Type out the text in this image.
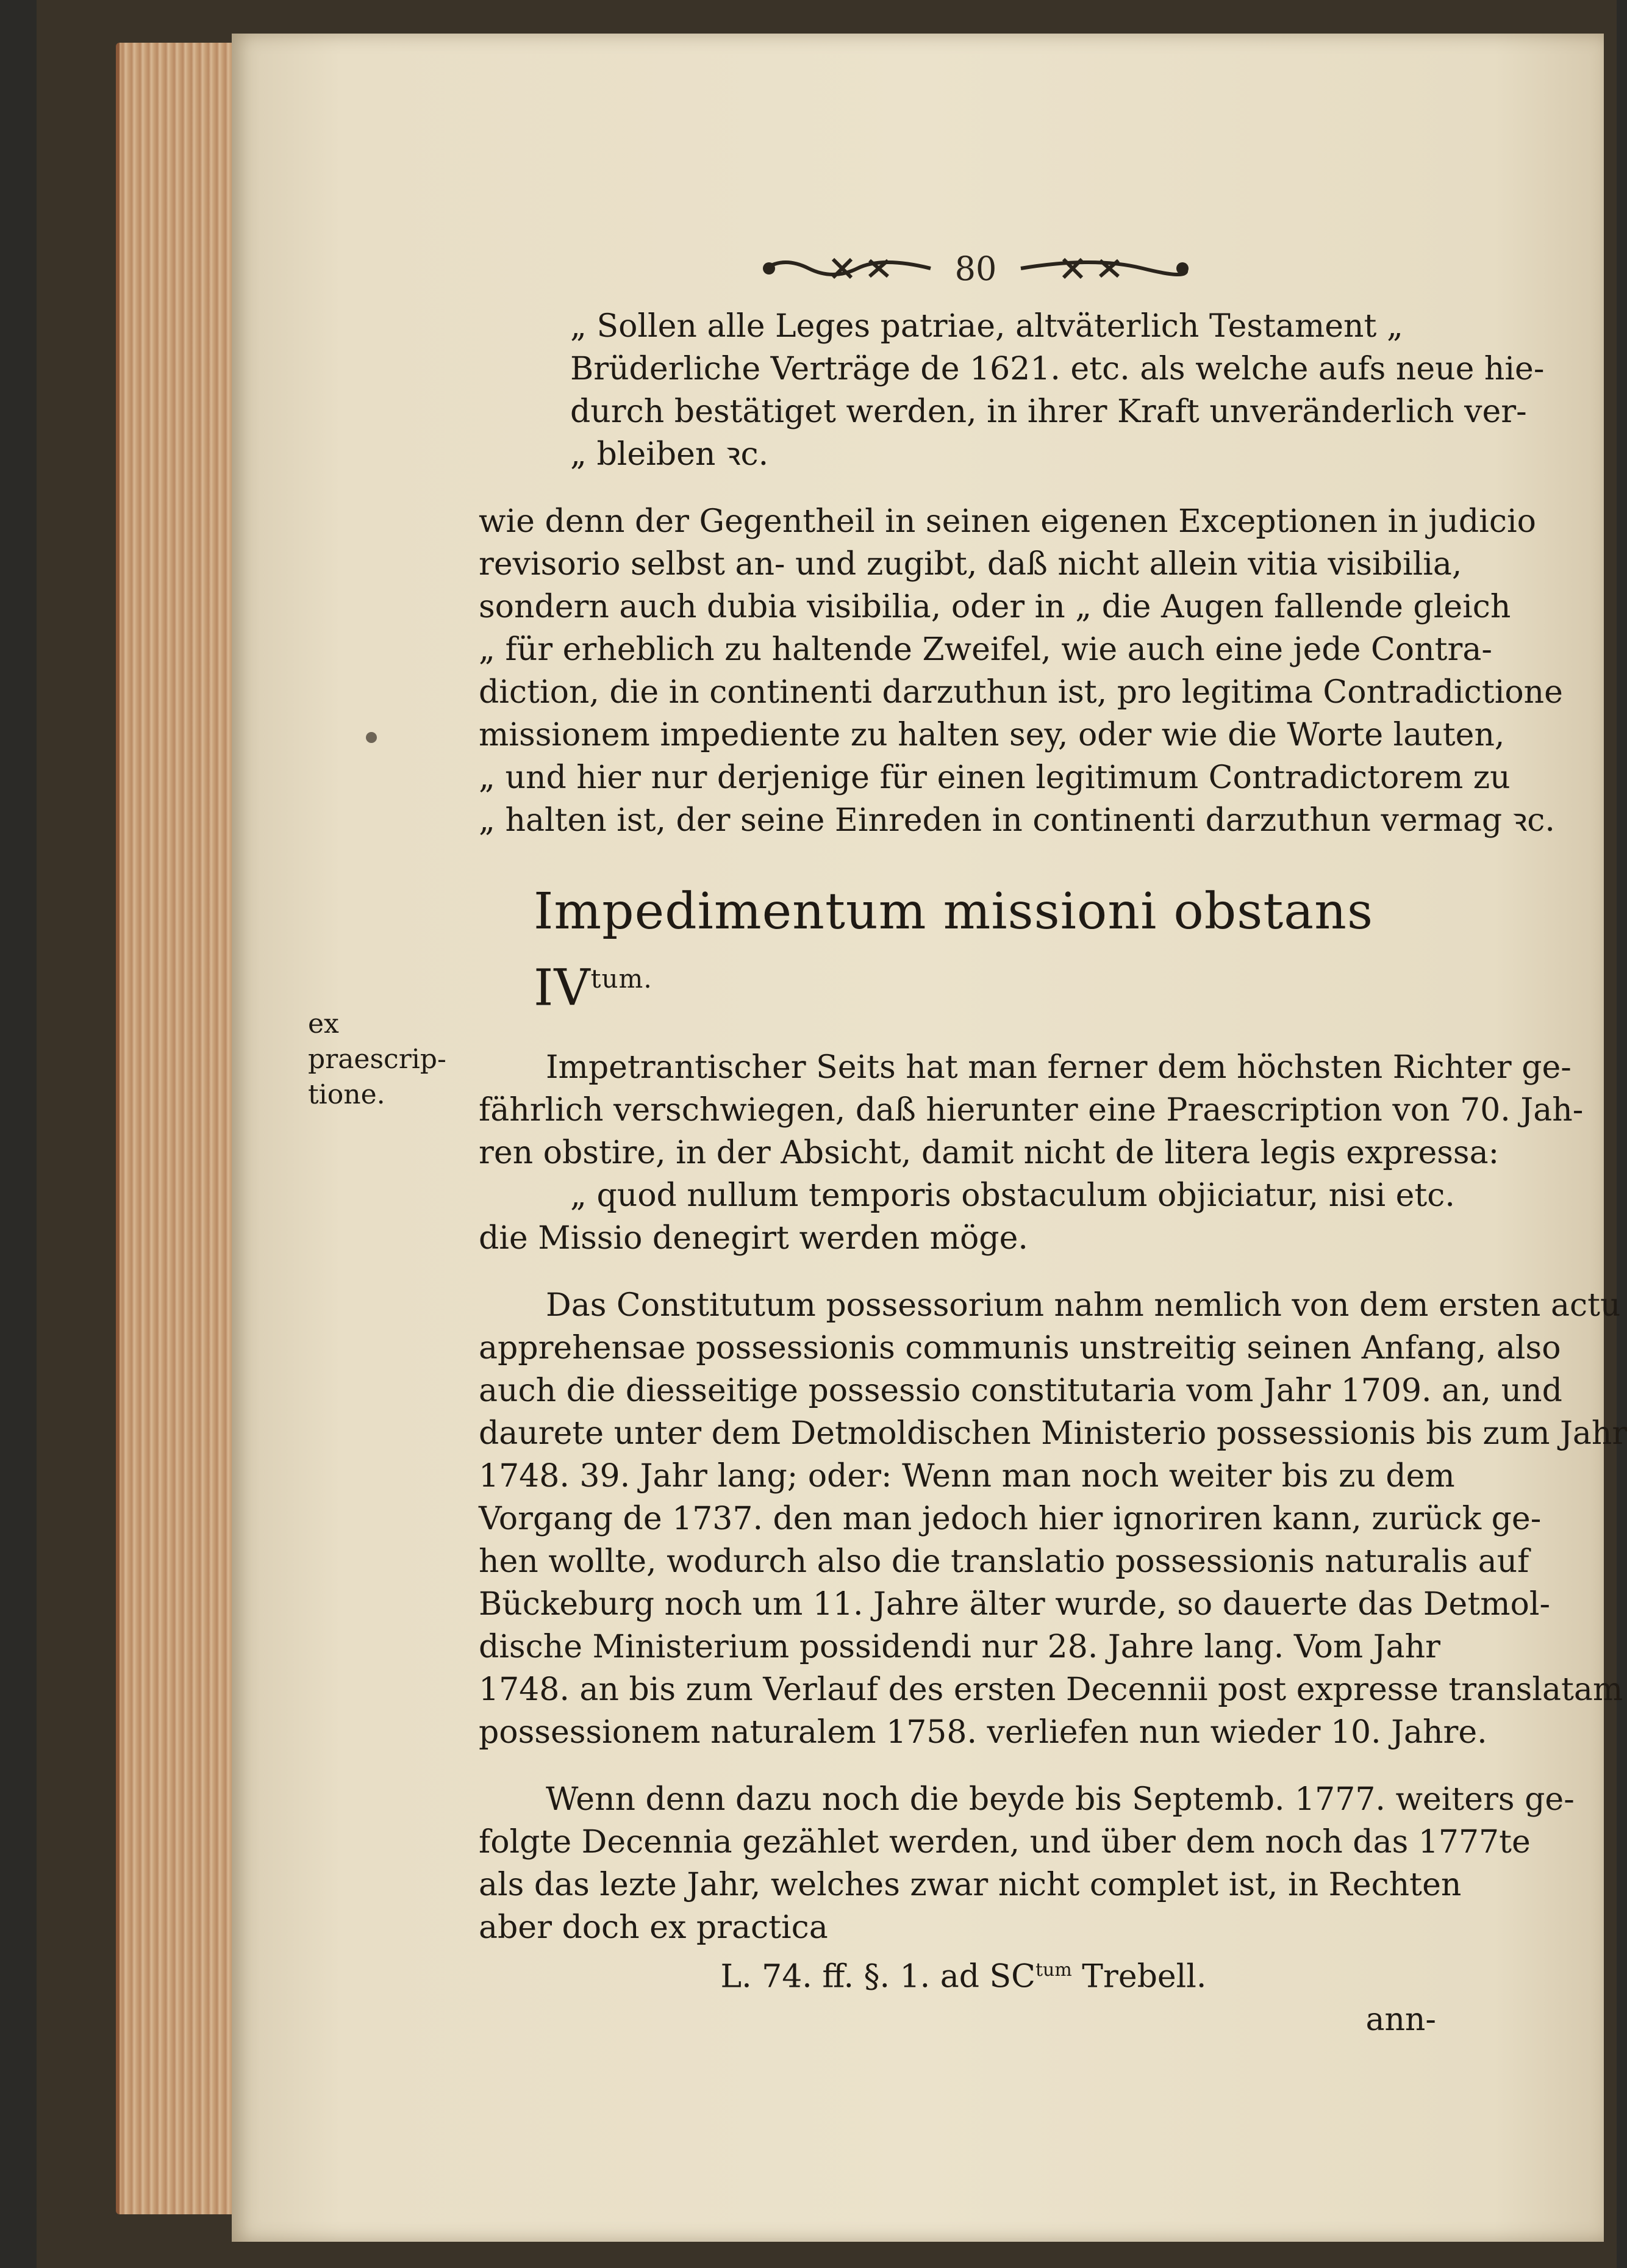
80
ex praescrip-
tione.
„ Sollen alle Leges patriae, altväterlich Testament „
Brüderliche Verträge de 1621. etc. als welche aufs neue hie-
durch bestätiget werden, in ihrer Kraft unveränderlich ver-
„ bleiben ꝛc.
wie denn der Gegentheil in seinen eigenen Exceptionen in judicio
revisorio selbst an- und zugibt, daß nicht allein vitia visibilia,
sondern auch dubia visibilia, oder in „ die Augen fallende gleich
„ für erheblich zu haltende Zweifel, wie auch eine jede Contra-
diction, die in continenti darzuthun ist, pro legitima Contradictione
missionem impediente zu halten sey, oder wie die Worte lauten,
„ und hier nur derjenige für einen legitimum Contradictorem zu
„ halten ist, der seine Einreden in continenti darzuthun vermag ꝛc.
Impedimentum missioni obstans $IV^{tum.}$
Impetrantischer Seits hat man ferner dem höchsten Richter ge-
fährlich verschwiegen, daß hierunter eine Praescription von 70. Jah-
ren obstire, in der Absicht, damit nicht de litera legis expressa:
„ quod nullum temporis obstaculum objiciatur, nisi etc.
die Missio denegirt werden möge.
Das Constitutum possessorium nahm nemlich von dem ersten actu
apprehensae possessionis communis unstreitig seinen Anfang, also
auch die diesseitige possessio constitutaria vom Jahr 1709. an, und
daurete unter dem Detmoldischen Ministerio possessionis bis zum Jahr
1748. 39. Jahr lang; oder: Wenn man noch weiter bis zu dem
Vorgang de 1737. den man jedoch hier ignoriren kann, zurück ge-
hen wollte, wodurch also die translatio possessionis naturalis auf
Bückeburg noch um 11. Jahre älter wurde, so dauerte das Detmol-
dische Ministerium possidendi nur 28. Jahre lang. Vom Jahr
1748. an bis zum Verlauf des ersten Decennii post expresse translatam
possessionem naturalem 1758. verliefen nun wieder 10. Jahre.
Wenn denn dazu noch die beyde bis Septemb. 1777. weiters ge-
folgte Decennia gezählet werden, und über dem noch das 1777te
als das lezte Jahr, welches zwar nicht complet ist, in Rechten
aber doch ex practica
L. 74. ff. §. 1. ad $SC^{tum}$ Trebell.
ann-
